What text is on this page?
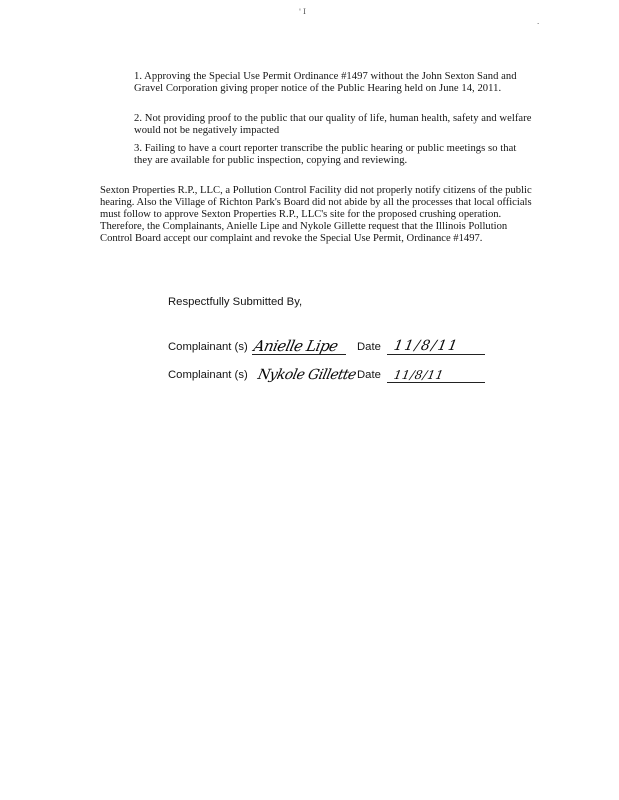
' I
.
1. Approving the Special Use Permit Ordinance #1497 without the John Sexton Sand and Gravel Corporation giving proper notice of the Public Hearing held on June 14, 2011.
2. Not providing proof to the public that our quality of life, human health, safety and welfare would not be negatively impacted
3. Failing to have a court reporter transcribe the public hearing or public meetings so that they are available for public inspection, copying and reviewing.
Sexton Properties R.P., LLC, a Pollution Control Facility did not properly notify citizens of the public hearing. Also the Village of Richton Park's Board did not abide by all the processes that local officials must follow to approve Sexton Properties R.P., LLC's site for the proposed crushing operation. Therefore, the Complainants, Anielle Lipe and Nykole Gillette request that the Illinois Pollution Control Board accept our complaint and revoke the Special Use Permit, Ordinance #1497.
Respectfully Submitted By,
Complainant (s) Anielle Lipe Date 11/8/11
Complainant (s) Nykole Gillette Date 11/8/11
